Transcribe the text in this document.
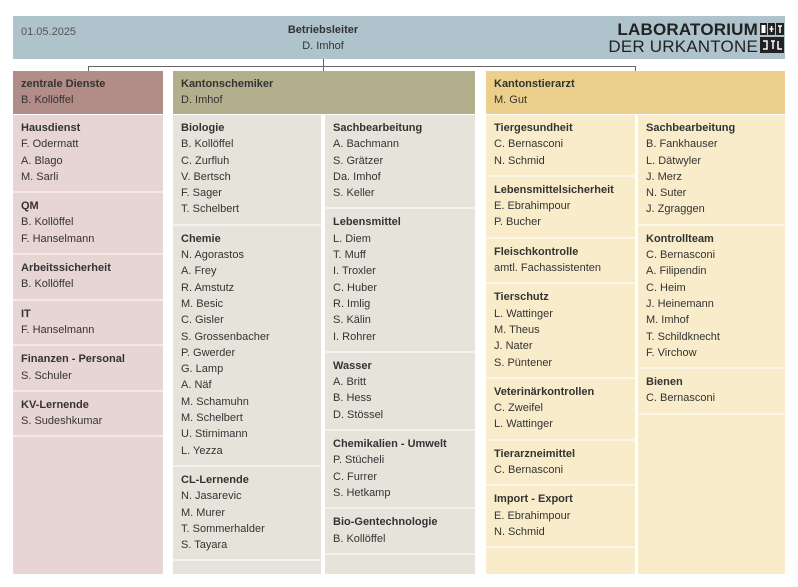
01.05.2025	Betriebsleiter
D. Imhof
LABORATORIUM
DER URKANTONE
zentrale Dienste
B. Kollöffel
Hausdienst
F. Odermatt
A. Blago
M. Sarli
QM
B. Kollöffel
F. Hanselmann
Arbeitssicherheit
B. Kollöffel
IT
F. Hanselmann
Finanzen - Personal
S. Schuler
KV-Lernende
S. Sudeshkumar
Kantonschemiker
D. Imhof
Biologie
B. Kollöffel
C. Zurfluh
V. Bertsch
F. Sager
T. Schelbert
Chemie
N. Agorastos
A. Frey
R. Amstutz
M. Besic
C. Gisler
S. Grossenbacher
P. Gwerder
G. Lamp
A. Näf
M. Schamuhn
M. Schelbert
U. Stirnimann
L. Yezza
CL-Lernende
N. Jasarevic
M. Murer
T. Sommerhalder
S. Tayara
Sachbearbeitung
A. Bachmann
S. Grätzer
Da. Imhof
S. Keller
Lebensmittel
L. Diem
T. Muff
I. Troxler
C. Huber
R. Imlig
S. Kälin
I. Rohrer
Wasser
A. Britt
B. Hess
D. Stössel
Chemikalien - Umwelt
P. Stücheli
C. Furrer
S. Hetkamp
Bio-Gentechnologie
B. Kollöffel
Kantonstierarzt
M. Gut
Tiergesundheit
C. Bernasconi
N. Schmid
Lebensmittelsicherheit
E. Ebrahimpour
P. Bucher
Fleischkontrolle
amtl. Fachassistenten
Tierschutz
L. Wattinger
M. Theus
J. Nater
S. Püntener
Veterinärkontrollen
C. Zweifel
L. Wattinger
Tierarzneimittel
C. Bernasconi
Import - Export
E. Ebrahimpour
N. Schmid
Sachbearbeitung
B. Fankhauser
L. Dätwyler
J. Merz
N. Suter
J. Zgraggen
Kontrollteam
C. Bernasconi
A. Filipendin
C. Heim
J. Heinemann
M. Imhof
T. Schildknecht
F. Virchow
Bienen
C. Bernasconi
